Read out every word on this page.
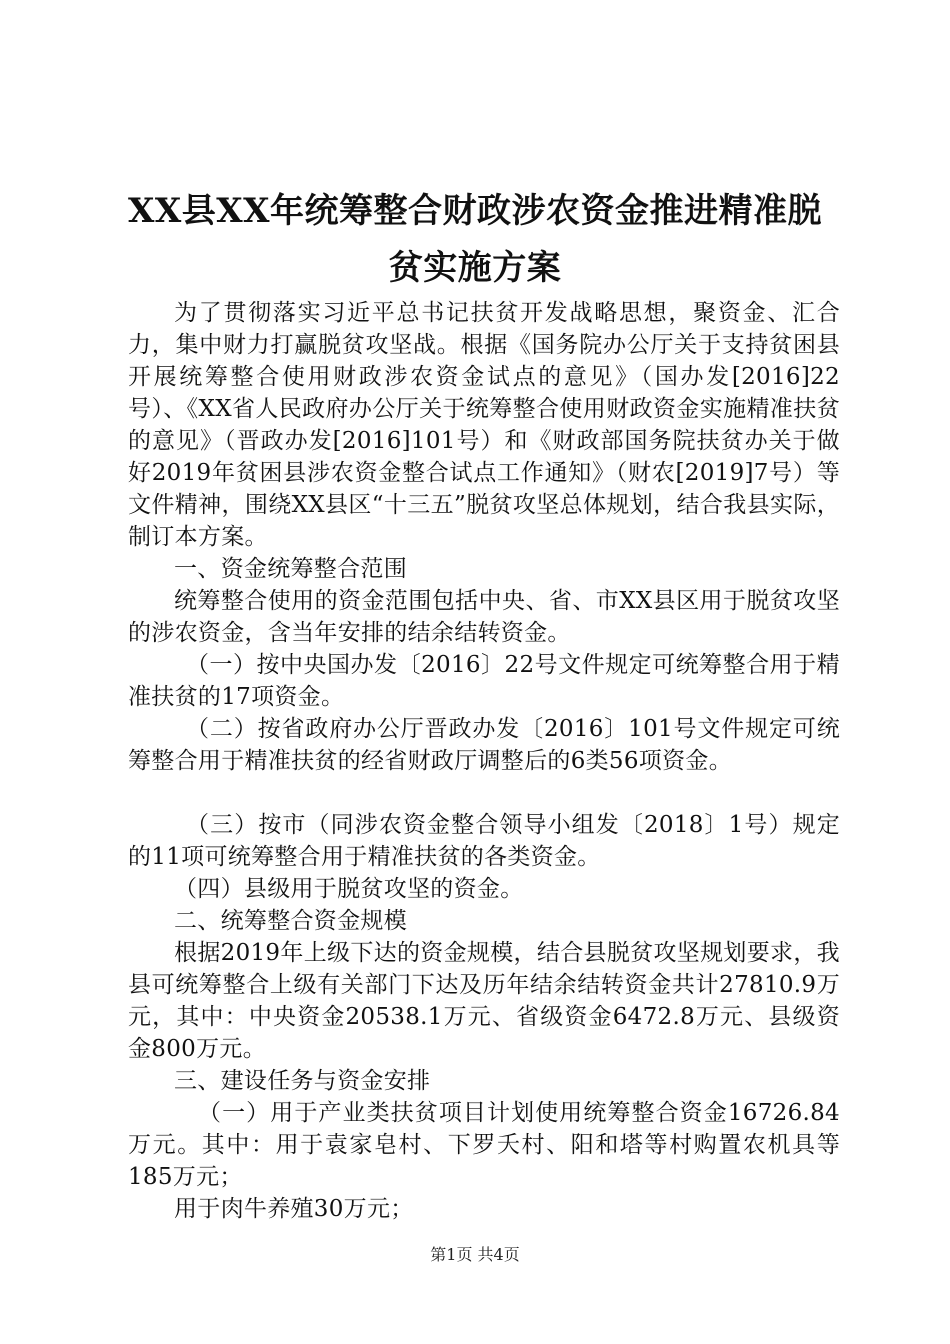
XX县XX年统筹整合财政涉农资金推进精准脱
贫实施方案

为了贯彻落实习近平总书记扶贫开发战略思想，聚资金、汇合力，集中财力打赢脱贫攻坚战。根据《国务院办公厅关于支持贫困县开展统筹整合使用财政涉农资金试点的意见》（国办发[2016]22号）、《XX省人民政府办公厅关于统筹整合使用财政资金实施精准扶贫的意见》（晋政办发[2016]101号）和《财政部国务院扶贫办关于做好2019年贫困县涉农资金整合试点工作通知》（财农[2019]7号）等文件精神，围绕XX县区“十三五”脱贫攻坚总体规划，结合我县实际，制订本方案。

一、资金统筹整合范围

统筹整合使用的资金范围包括中央、省、市XX县区用于脱贫攻坚的涉农资金，含当年安排的结余结转资金。

（一）按中央国办发〔2016〕22号文件规定可统筹整合用于精准扶贫的17项资金。

（二）按省政府办公厅晋政办发〔2016〕101号文件规定可统筹整合用于精准扶贫的经省财政厅调整后的6类56项资金。

（三）按市（同涉农资金整合领导小组发〔2018〕1号）规定的11项可统筹整合用于精准扶贫的各类资金。

（四）县级用于脱贫攻坚的资金。

二、统筹整合资金规模

根据2019年上级下达的资金规模，结合县脱贫攻坚规划要求，我县可统筹整合上级有关部门下达及历年结余结转资金共计27810.9万元，其中：中央资金20538.1万元、省级资金6472.8万元、县级资金800万元。

三、建设任务与资金安排

（一）用于产业类扶贫项目计划使用统筹整合资金16726.84万元。其中：用于袁家皂村、下罗夭村、阳和塔等村购置农机具等185万元；

用于肉牛养殖30万元；

第1页 共4页
